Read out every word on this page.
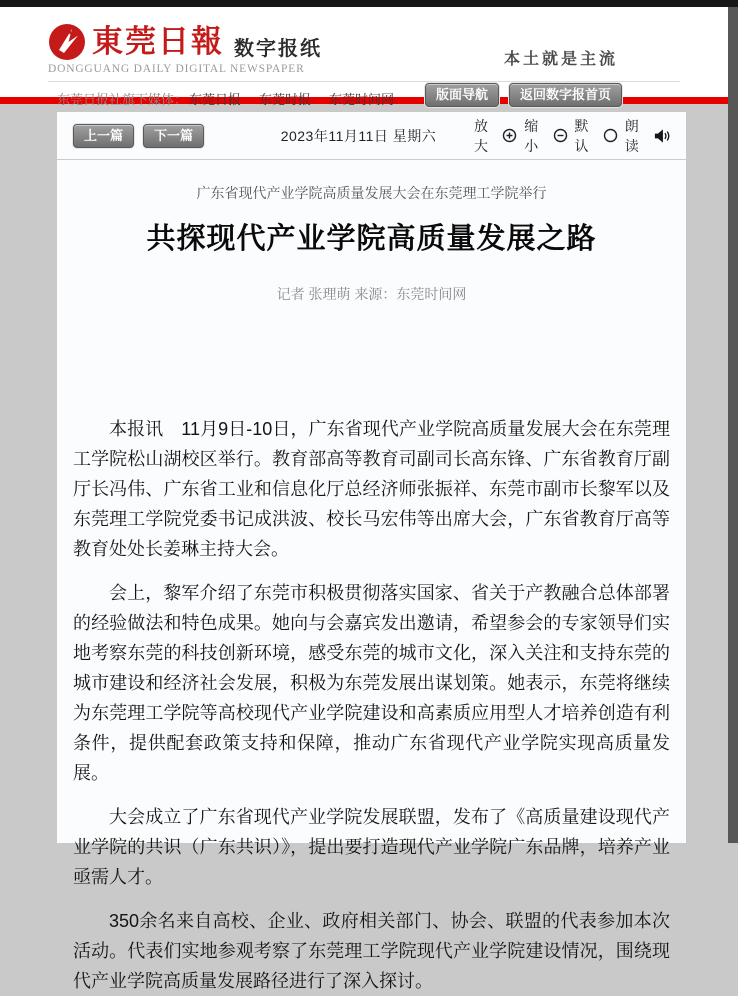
東莞日報 数字报纸
DONGGUANG DAILY DIGITAL NEWSPAPER
本土就是主流
东莞日报社旗下媒体： 东莞日报 东莞时报 东莞时间网	版面导航	返回数字报首页
上一篇	下一篇	2023年11月11日 星期六
放大
缩小
默认
朗读
广东省现代产业学院高质量发展大会在东莞理工学院举行
共探现代产业学院高质量发展之路
记者 张理萌 来源：东莞时间网

本报讯　11月9日-10日，广东省现代产业学院高质量发展大会在东莞理工学院松山湖校区举行。教育部高等教育司副司长高东锋、广东省教育厅副厅长冯伟、广东省工业和信息化厅总经济师张振祥、东莞市副市长黎军以及东莞理工学院党委书记成洪波、校长马宏伟等出席大会，广东省教育厅高等教育处处长姜琳主持大会。

会上，黎军介绍了东莞市积极贯彻落实国家、省关于产教融合总体部署的经验做法和特色成果。她向与会嘉宾发出邀请，希望参会的专家领导们实地考察东莞的科技创新环境，感受东莞的城市文化，深入关注和支持东莞的城市建设和经济社会发展，积极为东莞发展出谋划策。她表示，东莞将继续为东莞理工学院等高校现代产业学院建设和高素质应用型人才培养创造有利条件，提供配套政策支持和保障，推动广东省现代产业学院实现高质量发展。

大会成立了广东省现代产业学院发展联盟，发布了《高质量建设现代产业学院的共识（广东共识）》，提出要打造现代产业学院广东品牌，培养产业亟需人才。

350余名来自高校、企业、政府相关部门、协会、联盟的代表参加本次活动。代表们实地参观考察了东莞理工学院现代产业学院建设情况，围绕现代产业学院高质量发展路径进行了深入探讨。
